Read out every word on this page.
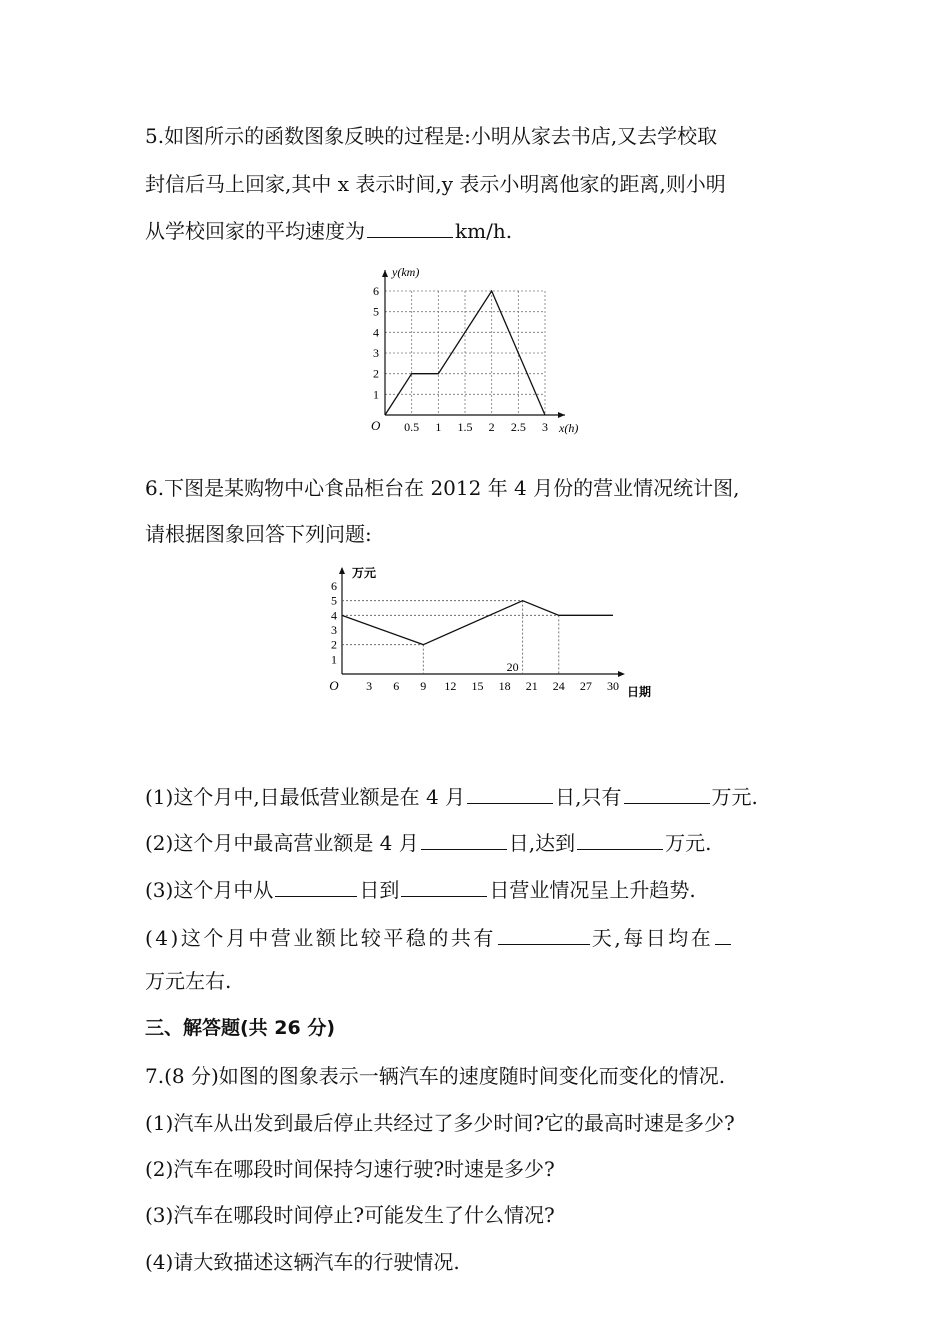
5.如图所示的函数图象反映的过程是:小明从家去书店,又去学校取
封信后马上回家,其中 x 表示时间,y 表示小明离他家的距离,则小明
从学校回家的平均速度为	km/h.
y(km)
x(h)
O 0.5 1 1.5 2 2.5 3
1
2
3
4
5
6
6.下图是某购物中心食品柜台在 2012 年 4 月份的营业情况统计图,
请根据图象回答下列问题:
万元
日期
O 3 6 9 12 15 18 21 24 27 30
1
2
3
4
5
6
20
(1)这个月中,日最低营业额是在 4 月	日,只有	万元.
(2)这个月中最高营业额是 4 月	日,达到	万元.
(3)这个月中从	日到	日营业情况呈上升趋势.
(4)这个月中营业额比较平稳的共有	天,每日均在
万元左右.
三、解答题(共 26 分)
7.(8 分)如图的图象表示一辆汽车的速度随时间变化而变化的情况.
(1)汽车从出发到最后停止共经过了多少时间?它的最高时速是多少?
(2)汽车在哪段时间保持匀速行驶?时速是多少?
(3)汽车在哪段时间停止?可能发生了什么情况?
(4)请大致描述这辆汽车的行驶情况.
